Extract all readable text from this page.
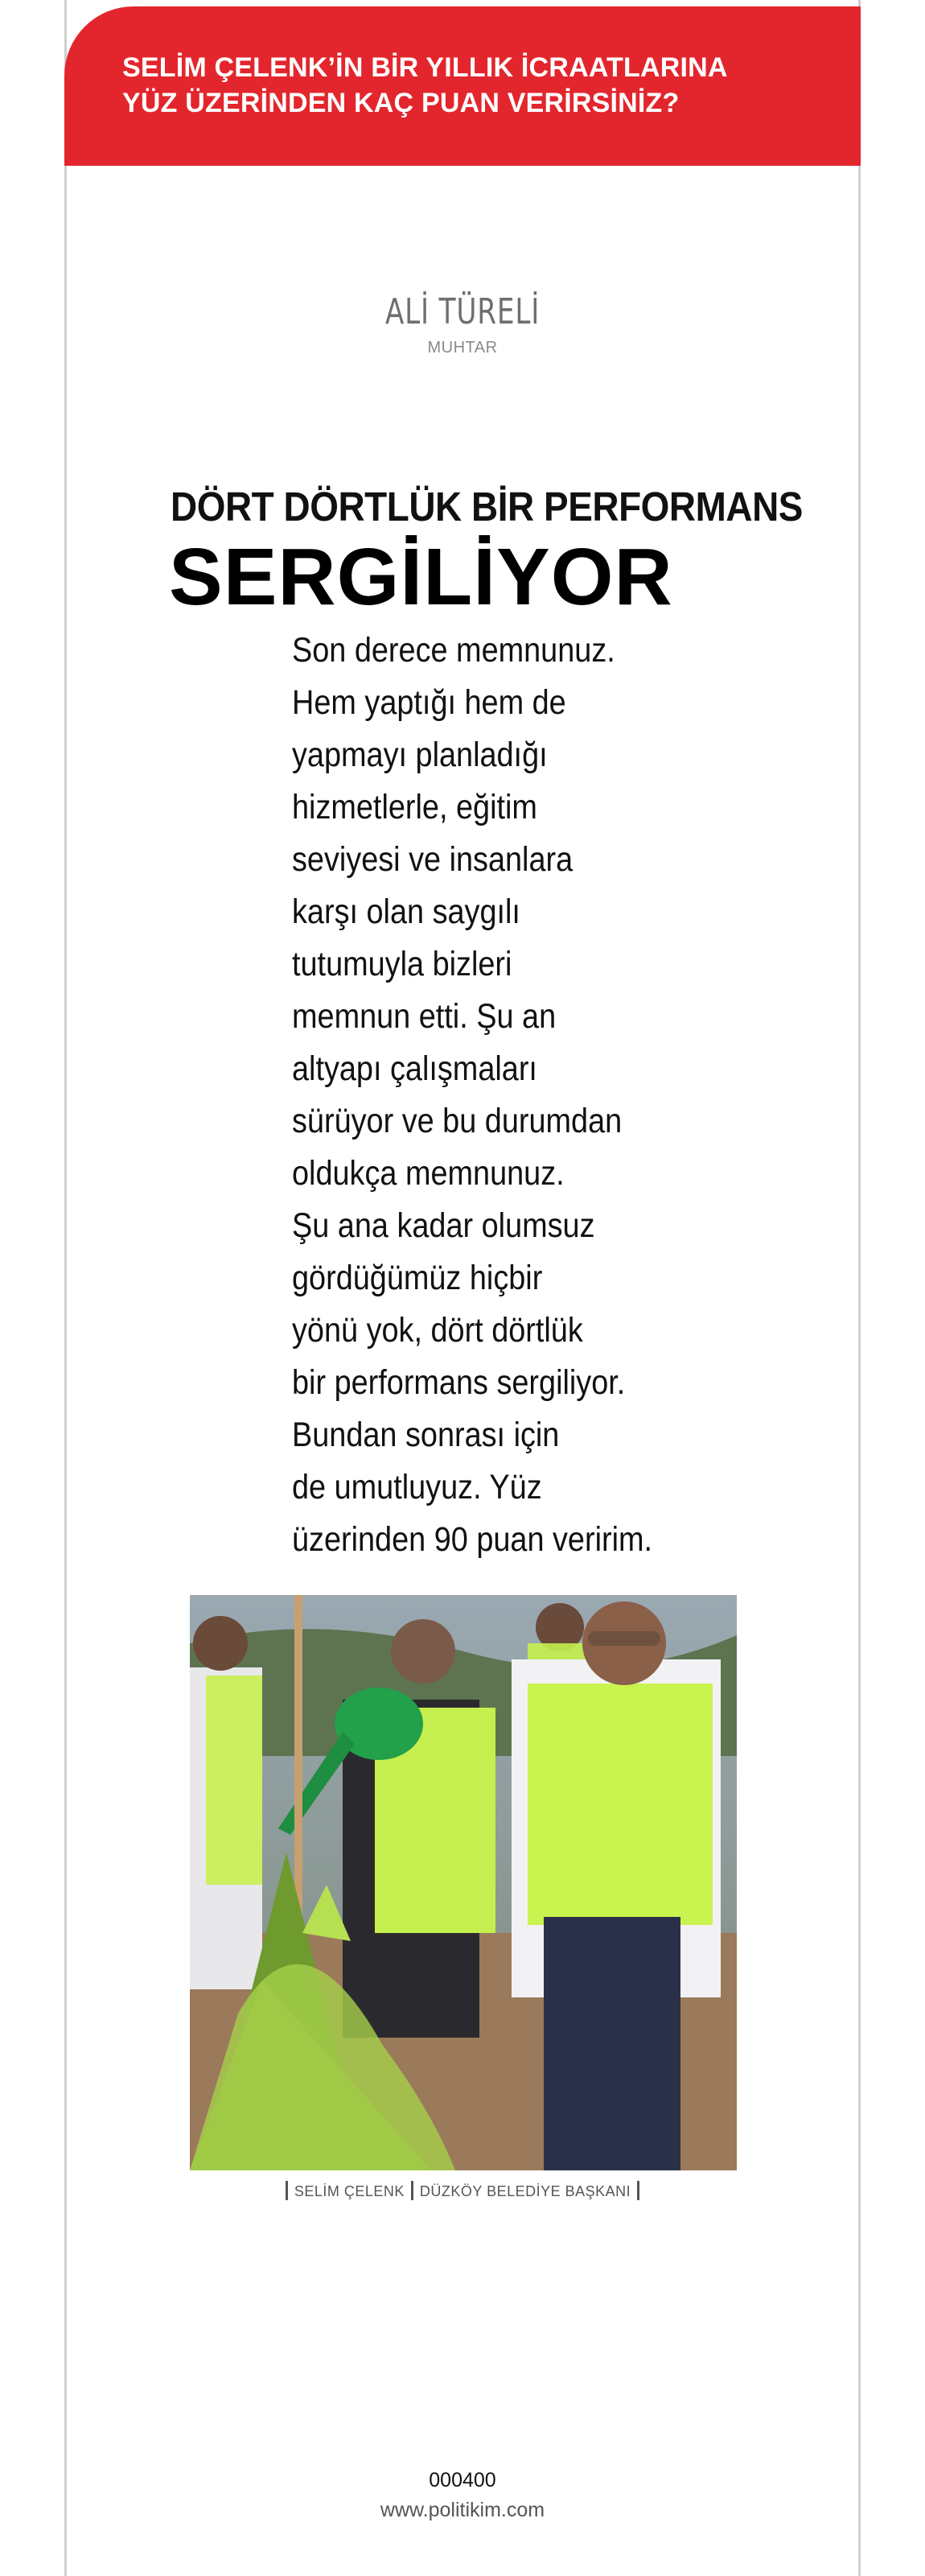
SELİM ÇELENK’İN BİR YILLIK İCRAATLARINA
YÜZ ÜZERİNDEN KAÇ PUAN VERİRSİNİZ?
ALİ TÜRELİ
MUHTAR
DÖRT DÖRTLÜK BİR PERFORMANS
SERGİLİYOR
Son derece memnunuz.
Hem yaptığı hem de
yapmayı planladığı
hizmetlerle, eğitim
seviyesi ve insanlara
karşı olan saygılı
tutumuyla bizleri
memnun etti. Şu an
altyapı çalışmaları
sürüyor ve bu durumdan
oldukça memnunuz.
Şu ana kadar olumsuz
gördüğümüz hiçbir
yönü yok, dört dörtlük
bir performans sergiliyor.
Bundan sonrası için
de umutluyuz. Yüz
üzerinden 90 puan veririm.
SELİM ÇELENK DÜZKÖY BELEDİYE BAŞKANI
000400
www.politikim.com
